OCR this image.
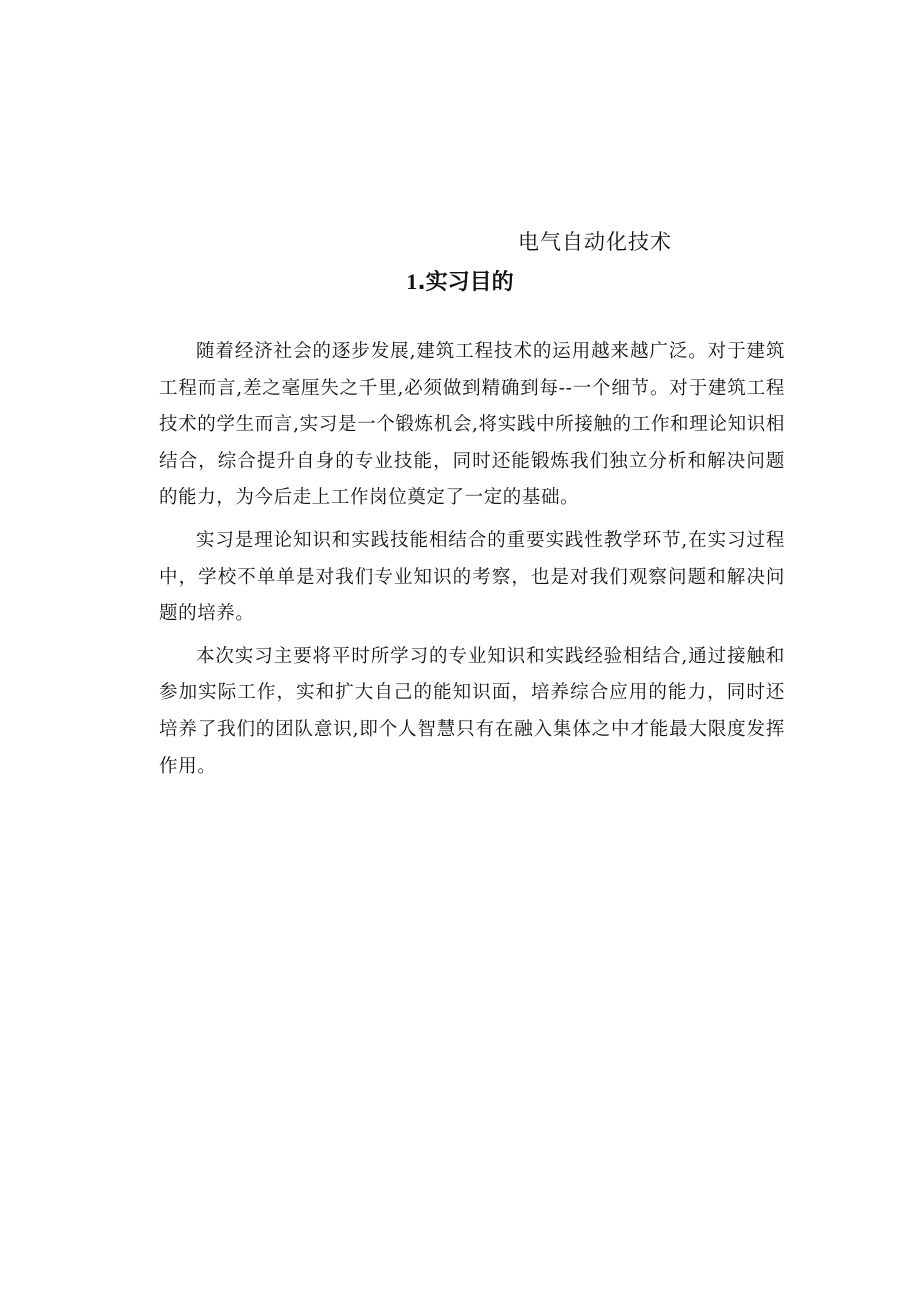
电气自动化技术
1.实习目的

随着经济社会的逐步发展,建筑工程技术的运用越来越广泛。对于建筑工程而言,差之毫厘失之千里,必须做到精确到每--一个细节。对于建筑工程技术的学生而言,实习是一个锻炼机会,将实践中所接触的工作和理论知识相结合，综合提升自身的专业技能，同时还能锻炼我们独立分析和解决问题的能力，为今后走上工作岗位奠定了一定的基础。

实习是理论知识和实践技能相结合的重要实践性教学环节,在实习过程中，学校不单单是对我们专业知识的考察，也是对我们观察问题和解决问题的培养。

本次实习主要将平时所学习的专业知识和实践经验相结合,通过接触和参加实际工作，实和扩大自己的能知识面，培养综合应用的能力，同时还培养了我们的团队意识,即个人智慧只有在融入集体之中才能最大限度发挥作用。
